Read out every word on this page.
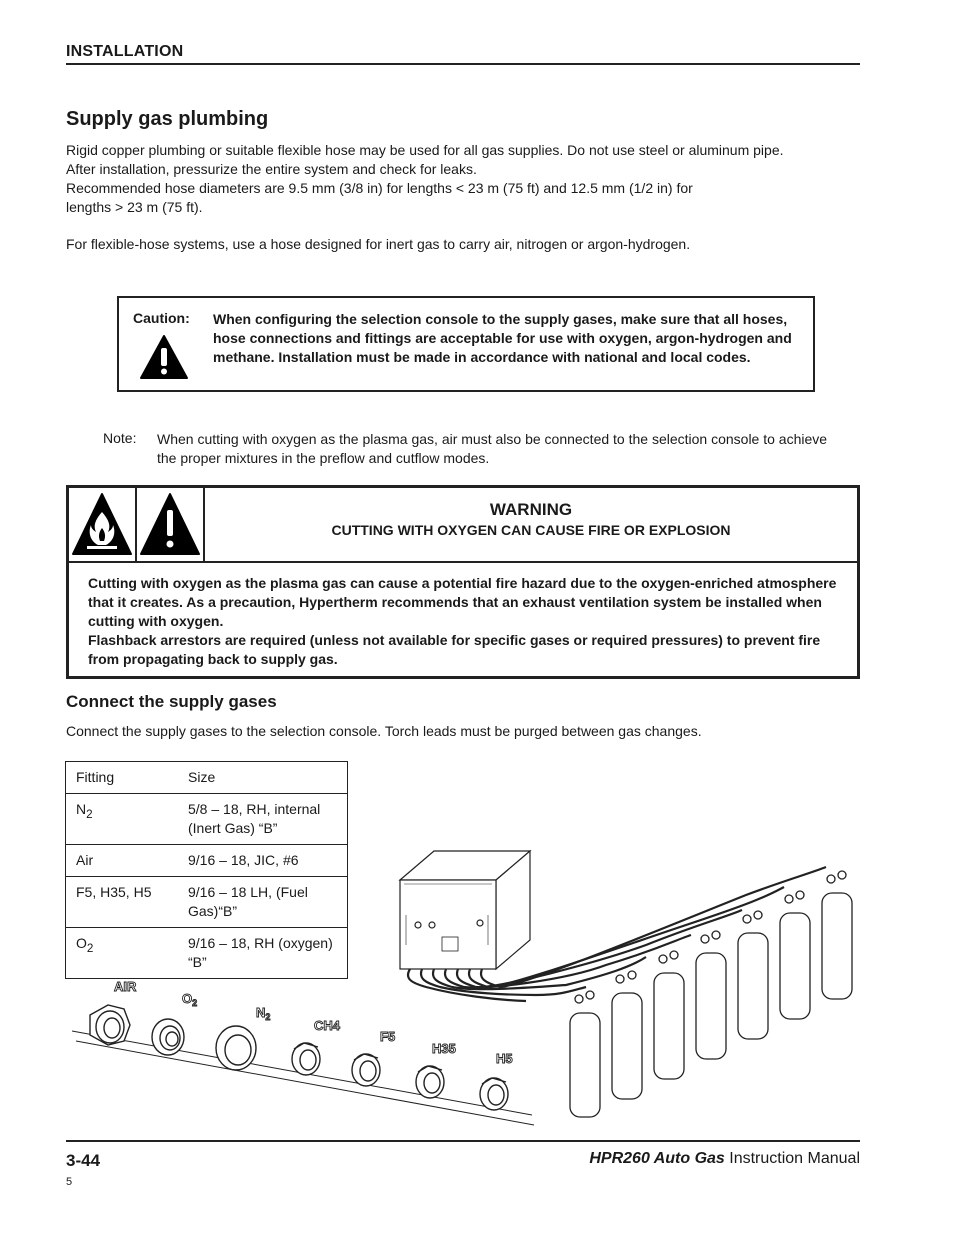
INSTALLATION
Supply gas plumbing
Rigid copper plumbing or suitable flexible hose may be used for all gas supplies. Do not use steel or aluminum pipe.
After installation, pressurize the entire system and check for leaks.
Recommended hose diameters are 9.5 mm (3/8 in) for lengths < 23 m (75 ft) and 12.5 mm (1/2 in) for
lengths > 23 m (75 ft).
For flexible-hose systems, use a hose designed for inert gas to carry air, nitrogen or argon-hydrogen.
Caution: When configuring the selection console to the supply gases, make sure that all hoses, hose connections and fittings are acceptable for use with oxygen, argon-hydrogen and methane. Installation must be made in accordance with national and local codes.
Note: When cutting with oxygen as the plasma gas, air must also be connected to the selection console to achieve the proper mixtures in the preflow and cutflow modes.
WARNING
CUTTING WITH OXYGEN CAN CAUSE FIRE OR EXPLOSION
Cutting with oxygen as the plasma gas can cause a potential fire hazard due to the oxygen-enriched atmosphere that it creates. As a precaution, Hypertherm recommends that an exhaust ventilation system be installed when cutting with oxygen.
Flashback arrestors are required (unless not available for specific gases or required pressures) to prevent fire from propagating back to supply gas.
Connect the supply gases
Connect the supply gases to the selection console. Torch leads must be purged between gas changes.
Fitting	Size
$N_2$	5/8 – 18, RH, internal (Inert Gas) “B”
Air	9/16 – 18, JIC, #6
F5, H35, H5	9/16 – 18 LH, (Fuel Gas)“B”
$O_2$	9/16 – 18, RH (oxygen) “B”
AIR
$O_2$
$N_2$
CH4
F5
H35
H5
3-44	HPR260 Auto Gas Instruction Manual
5
